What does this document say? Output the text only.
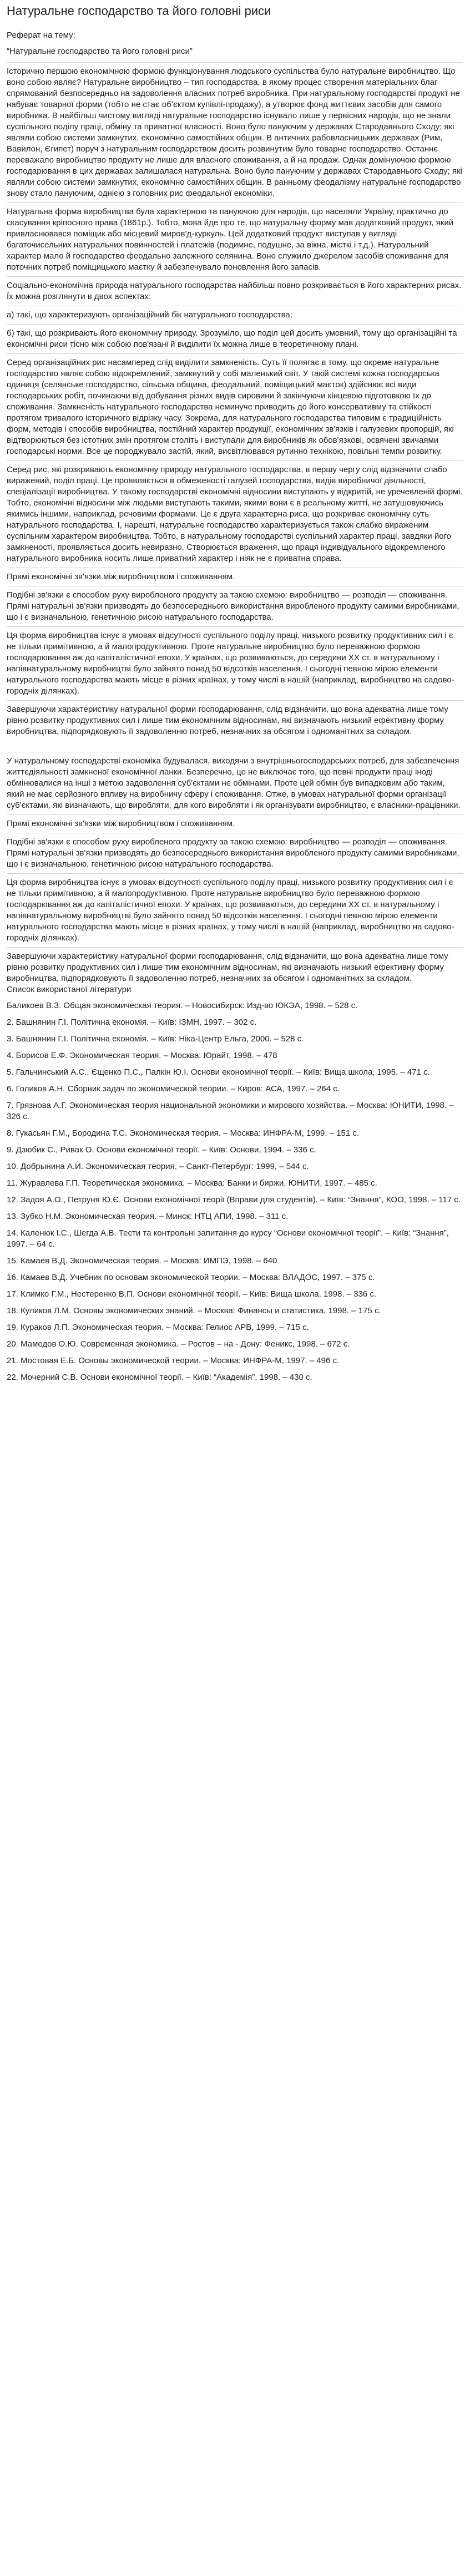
Натуральне господарство та його головні риси
Реферат на тему:
“Натуральне господарство та його головні риси”
Історично першою економічною формою функціонування людського суспільства було натуральне виробництво. Що воно собою являє? Натуральне виробництво – тип господарства, в якому процес створення матеріальних благ спрямований безпосередньо на задоволення власних потреб виробника. При натуральному господарстві продукт не набуває товарної форми (тобто не стає об’єктом купівлі-продажу), а утворює фонд життєвих засобів для самого виробника. В найбільш чистому вигляді натуральне господарство існувало лише у первісних народів, що не знали суспільного поділу праці, обміну та приватної власності. Воно було пануючим у державах Стародавнього Сходу; які являли собою системи замкнутих, економічно самостійних общин. В античних рабовласницьких державах (Рим, Вавилон, Єгипет) поруч з натуральним господарством досить розвинутим було товарне господарство. Останнє переважало виробництво продукту не лише для власного споживання, а й на продаж. Однак домінуючою формою господарювання в цих державах залишалася натуральна. Воно було пануючим у державах Стародавнього Сходу; які являли собою системи замкнутих, економічно самостійних общин. В ранньому феодалізму натуральне господарство знову стало пануючим, однією з головних рис феодальної економіки.
Натуральна форма виробництва була характерною та пануючою для народів, що населяли Україну, практично до скасування кріпосного права (1861р.). Тобто, мова йде про те, що натуральну форму мав додатковий продукт, який привласнювався поміщик або місцевий миров'д-куркуль. Цей додатковий продукт виступав у вигляді багаточисельних натуральних повинностей і платежів (подимне, подушне, за вікна, місткі і т.д.). Натуральний характер мало й господарство феодально залежного селянина. Воно служило джерелом засобів споживання для поточних потреб поміщицького маєтку й забезпечувало поновлення його запасів.
Соціально-економічна природа натурального господарства найбільш повно розкривається в його характерних рисах. Їх можна розглянути в двох аспектах:
а) такі, що характеризують організаційний бік натурального господарства;
б) такі, що розкривають його економічну природу. Зрозуміло, що поділ цей досить умовний, тому що організаційні та економічні риси тісно між собою пов'язані й виділити їх можна лише в теоретичному плані.
Серед організаційних рис насамперед слід виділити замкненість. Суть її полягає в тому, що окреме натуральне господарство являє собою відокремлений, замкнутий у собі маленький світ. У такій системі кожна господарська одиниця (селянське господарство, сільська община, феодальний, поміщицький маєток) здійснює всі види господарських робіт, починаючи від добування різних видів сировини й закінчуючи кінцевою підготовкою їх до споживання. Замкненість натурального господарства неминуче приводить до його консервативму та стійкості протягом тривалого історичного відрізку часу. Зокрема, для натурального господарства типовим є традиційність форм, методів і способів виробництва, постійний характер продукції, економічних зв'язків і галузевих пропорцій, які відтворюються без істотних змін протягом століть і виступали для виробників як обов'язкові, освячені звичаями господарські норми. Все це породжувало застій, який, висвітлювався рутинно технікою, повільні темпи розвитку.
Серед рис, які розкривають економічну природу натурального господарства, в першу чергу слід відзначити слабо виражений, поділ праці. Це проявляється в обмеженості галузей господарства, видів виробничої діяльності, спеціалізації виробництва. У такому господарстві економічні відносини виступають у відкритій, не уречевленій формі. Тобто, економічні відносини між людьми виступають такими, якими вони є в реальному житті, не затушовуючись якимись іншими, наприклад, речовими формами. Це є друга характерна риса, що розкриває економічну суть натурального господарства. І, нарешті, натуральне господарство характеризується також слабко вираженим суспільним характером виробництва. Тобто, в натуральному господарстві суспільний характер праці, завдяки його замкненості, проявляється досить невиразно. Створюється враження, що праця індивідуального відокремленого натурального виробника носить лише приватний характер і ніяк не є приватна справа.
Прямі економічні зв'язки між виробництвом і споживанням.
Подібні зв'язки є способом руху виробленого продукту за такою схемою: виробництво — розподіл — споживання. Прямі натуральні зв'язки призводять до безпосереднього використання виробленого продукту самими виробниками, що і є визначальною, генетичною рисою натурального господарства.
Ця форма виробництва існує в умовах відсутності суспільного поділу праці, низького розвитку продуктивних сил і є не тільки примітивною, а й малопродуктивною. Проте натуральне виробництво було переважною формою господарювання аж до капіталістичної епохи. У країнах, що розвиваються, до середини XX ст. в натуральному і напівнатуральному виробництві було зайнято понад 50 відсотків населення. І сьогодні певною мірою елементи натурального господарства мають місце в різних країнах, у тому числі в нашій (наприклад, виробництво на садово-городніх ділянках).
Завершуючи характеристику натуральної форми господарювання, слід відзначити, що вона адекватна лише тому рівню розвитку продуктивних сил і лише тим економічним відносинам, які визначають низький ефективну форму виробництва, підпорядковують її задоволенню потреб, незначних за обсягом і одноманітних за складом.
У натуральному господарстві економіка будувалася, виходячи з внутрішньогосподарських потреб, для забезпечення життєдіяльності замкненої економічної ланки. Безперечно, це не виключає того, що певні продукти праці іноді обмінювалися на інші з метою задоволення суб'єктами не обмінами. Проте цей обмін був випадковим або таким, який не має серйозного впливу на виробничу сферу і споживання. Отже, в умовах натуральної форми організації суб'єктами, які визначають, що виробляти, для кого виробляти і як організувати виробництво, є власники-працівники.
Прямі економічні зв'язки між виробництвом і споживанням.
Подібні зв'язки є способом руху виробленого продукту за такою схемою: виробництво — розподіл — споживання. Прямі натуральні зв'язки призводять до безпосереднього використання виробленого продукту самими виробниками, що і є визначальною, генетичною рисою натурального господарства.
Ця форма виробництва існує в умовах відсутності суспільного поділу праці, низького розвитку продуктивних сил і є не тільки примітивною, а й малопродуктивною. Проте натуральне виробництво було переважною формою господарювання аж до капіталістичної епохи. У країнах, що розвиваються, до середини XX ст. в натуральному і напівнатуральному виробництві було зайнято понад 50 відсотків населення. І сьогодні певною мірою елементи натурального господарства мають місце в різних країнах, у тому числі в нашій (наприклад, виробництво на садово-городніх ділянках).
Завершуючи характеристику натуральної форми господарювання, слід відзначити, що вона адекватна лише тому рівню розвитку продуктивних сил і лише тим економічним відносинам, які визначають низький ефективну форму виробництва, підпорядковують її задоволенню потреб, незначних за обсягом і одноманітних за складом.
Список використаної літератури
Баликоев В.З. Общая экономическая теория. – Новосибирск: Изд-во ЮКЭА, 1998. – 528 с.
2. Башнянин Г.І. Політична економія. – Київ: ІЗМН, 1997. – 302 с.
3. Башнянин Г.І. Політична економія. – Київ: Ніка-Центр Ельга, 2000. – 528 с.
4. Борисов Е.Ф. Экономическая теория. – Москва: Юрайт, 1998. – 478
5. Гальчинський А.С., Єщенко П.С., Палкін Ю.І. Основи економічної теорії. – Київ: Вища школа, 1995. – 471 с.
6. Голиков А.Н. Сборник задач по экономической теории. – Киров: АСА, 1997. – 264 с.
7. Грязнова А.Г. Экономическая теория национальной экономики и мирового хозяйства. – Москва: ЮНИТИ, 1998. – 326 с.
8. Гукасьян Г.М., Бородина Т.С. Экономическая теория. – Москва: ИНФРА-М, 1999. – 151 с.
9. Дзюбик С., Ривак О. Основи економічної теорії. – Київ: Основи, 1994. – 336 с.
10. Добрынина А.И. Экономическая теория. – Санкт-Петербург: 1999, – 544 с.
11. Журавлева Г.П. Теоретическая экономика. – Москва: Банки и биржи, ЮНИТИ, 1997. – 485 с.
12. Задоя А.О., Петруня Ю.Є. Основи економічної теорії (Вправи для студентів). – Київ: “Знання”, КОО, 1998. – 117 с.
13. Зубко Н.М. Экономическая теория. – Минск: НТЦ АПИ, 1998. – 311 с.
14. Каленюк І.С., Шегда А.В. Тести та контрольні запитання до курсу “Основи економічної теорії”. – Київ: “Знання”, 1997. – 64 с.
15. Камаев В.Д. Экономическая теория. – Москва: ИМПЭ, 1998. – 640
16. Камаев В.Д. Учебник по основам экономической теории. – Москва: ВЛАДОС, 1997. – 375 с.
17. Климко Г.М., Нестеренко В.П. Основи економічної теорії. – Київ: Вища школа, 1998. – 336 с.
18. Куликов Л.М. Основы экономических знаний. – Москва: Финансы и статистика, 1998. – 175 с.
19. Кураков Л.П. Экономическая теория. – Москва: Гелиос АРВ, 1999. – 715 с.
20. Мамедов О.Ю. Современная экономика. – Ростов – на - Дону: Феникс, 1998. – 672 с.
21. Мостовая Е.Б. Основы экономической теории. – Москва: ИНФРА-М, 1997. – 496 с.
22. Мочерний С.В. Основи економічної теорії. – Київ: “Академія”, 1998. – 430 с.
